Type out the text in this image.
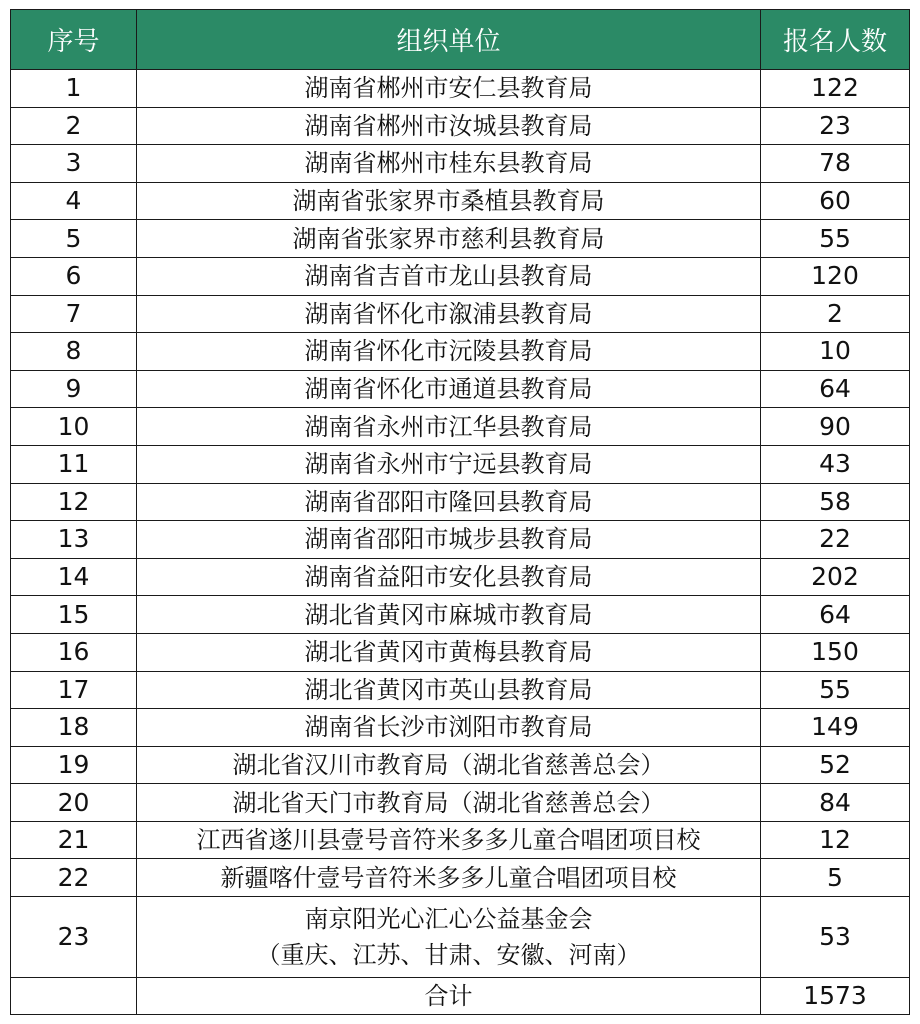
序号	组织单位	报名人数
1	湖南省郴州市安仁县教育局	122
2	湖南省郴州市汝城县教育局	23
3	湖南省郴州市桂东县教育局	78
4	湖南省张家界市桑植县教育局	60
5	湖南省张家界市慈利县教育局	55
6	湖南省吉首市龙山县教育局	120
7	湖南省怀化市溆浦县教育局	2
8	湖南省怀化市沅陵县教育局	10
9	湖南省怀化市通道县教育局	64
10	湖南省永州市江华县教育局	90
11	湖南省永州市宁远县教育局	43
12	湖南省邵阳市隆回县教育局	58
13	湖南省邵阳市城步县教育局	22
14	湖南省益阳市安化县教育局	202
15	湖北省黄冈市麻城市教育局	64
16	湖北省黄冈市黄梅县教育局	150
17	湖北省黄冈市英山县教育局	55
18	湖南省长沙市浏阳市教育局	149
19	湖北省汉川市教育局（湖北省慈善总会）	52
20	湖北省天门市教育局（湖北省慈善总会）	84
21	江西省遂川县壹号音符米多多儿童合唱团项目校	12
22	新疆喀什壹号音符米多多儿童合唱团项目校	5
23	南京阳光心汇心公益基金会
（重庆、江苏、甘肃、安徽、河南）	53
	合计	1573
